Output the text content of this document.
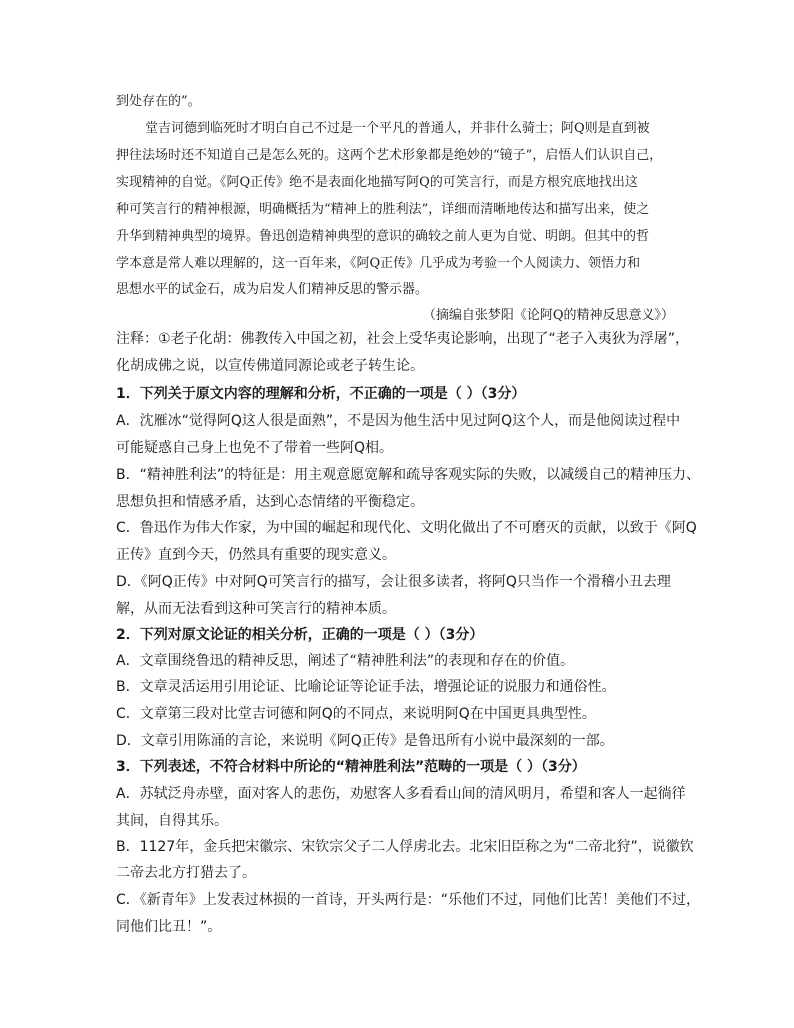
到处存在的”。
堂吉诃德到临死时才明白自己不过是一个平凡的普通人，并非什么骑士；阿Q则是直到被
押往法场时还不知道自己是怎么死的。这两个艺术形象都是绝妙的“镜子”，启悟人们认识自己，
实现精神的自觉。《阿Q正传》绝不是表面化地描写阿Q的可笑言行，而是方根究底地找出这
种可笑言行的精神根源，明确概括为“精神上的胜利法”，详细而清晰地传达和描写出来，使之
升华到精神典型的境界。鲁迅创造精神典型的意识的确较之前人更为自觉、明朗。但其中的哲
学本意是常人难以理解的，这一百年来，《阿Q正传》几乎成为考验一个人阅读力、领悟力和
思想水平的试金石，成为启发人们精神反思的警示器。
（摘编自张梦阳《论阿Q的精神反思意义》）
注释：①老子化胡：佛教传入中国之初，社会上受华夷论影响，出现了“老子入夷狄为浮屠”，
化胡成佛之说，以宣传佛道同源论或老子转生论。
1．下列关于原文内容的理解和分析，不正确的一项是（ ）（3分）
A．沈雁冰“觉得阿Q这人很是面熟”，不是因为他生活中见过阿Q这个人，而是他阅读过程中
可能疑惑自己身上也免不了带着一些阿Q相。
B．“精神胜利法”的特征是：用主观意愿宽解和疏导客观实际的失败，以减缓自己的精神压力、
思想负担和情感矛盾，达到心态情绪的平衡稳定。
C．鲁迅作为伟大作家，为中国的崛起和现代化、文明化做出了不可磨灭的贡献，以致于《阿Q
正传》直到今天，仍然具有重要的现实意义。
D．《阿Q正传》中对阿Q可笑言行的描写，会让很多读者，将阿Q只当作一个滑稽小丑去理
解，从而无法看到这种可笑言行的精神本质。
2．下列对原文论证的相关分析，正确的一项是（ ）（3分）
A．文章围绕鲁迅的精神反思，阐述了“精神胜利法”的表现和存在的价值。
B．文章灵活运用引用论证、比喻论证等论证手法，增强论证的说服力和通俗性。
C．文章第三段对比堂吉诃德和阿Q的不同点，来说明阿Q在中国更具典型性。
D．文章引用陈涌的言论，来说明《阿Q正传》是鲁迅所有小说中最深刻的一部。
3．下列表述，不符合材料中所论的“精神胜利法”范畴的一项是（ ）（3分）
A．苏轼泛舟赤壁，面对客人的悲伤，劝慰客人多看看山间的清风明月，希望和客人一起徜徉
其间，自得其乐。
B．1127年，金兵把宋徽宗、宋钦宗父子二人俘虏北去。北宋旧臣称之为“二帝北狩”，说徽钦
二帝去北方打猎去了。
C．《新青年》上发表过林损的一首诗，开头两行是：“乐他们不过，同他们比苦！美他们不过，
同他们比丑！”。
